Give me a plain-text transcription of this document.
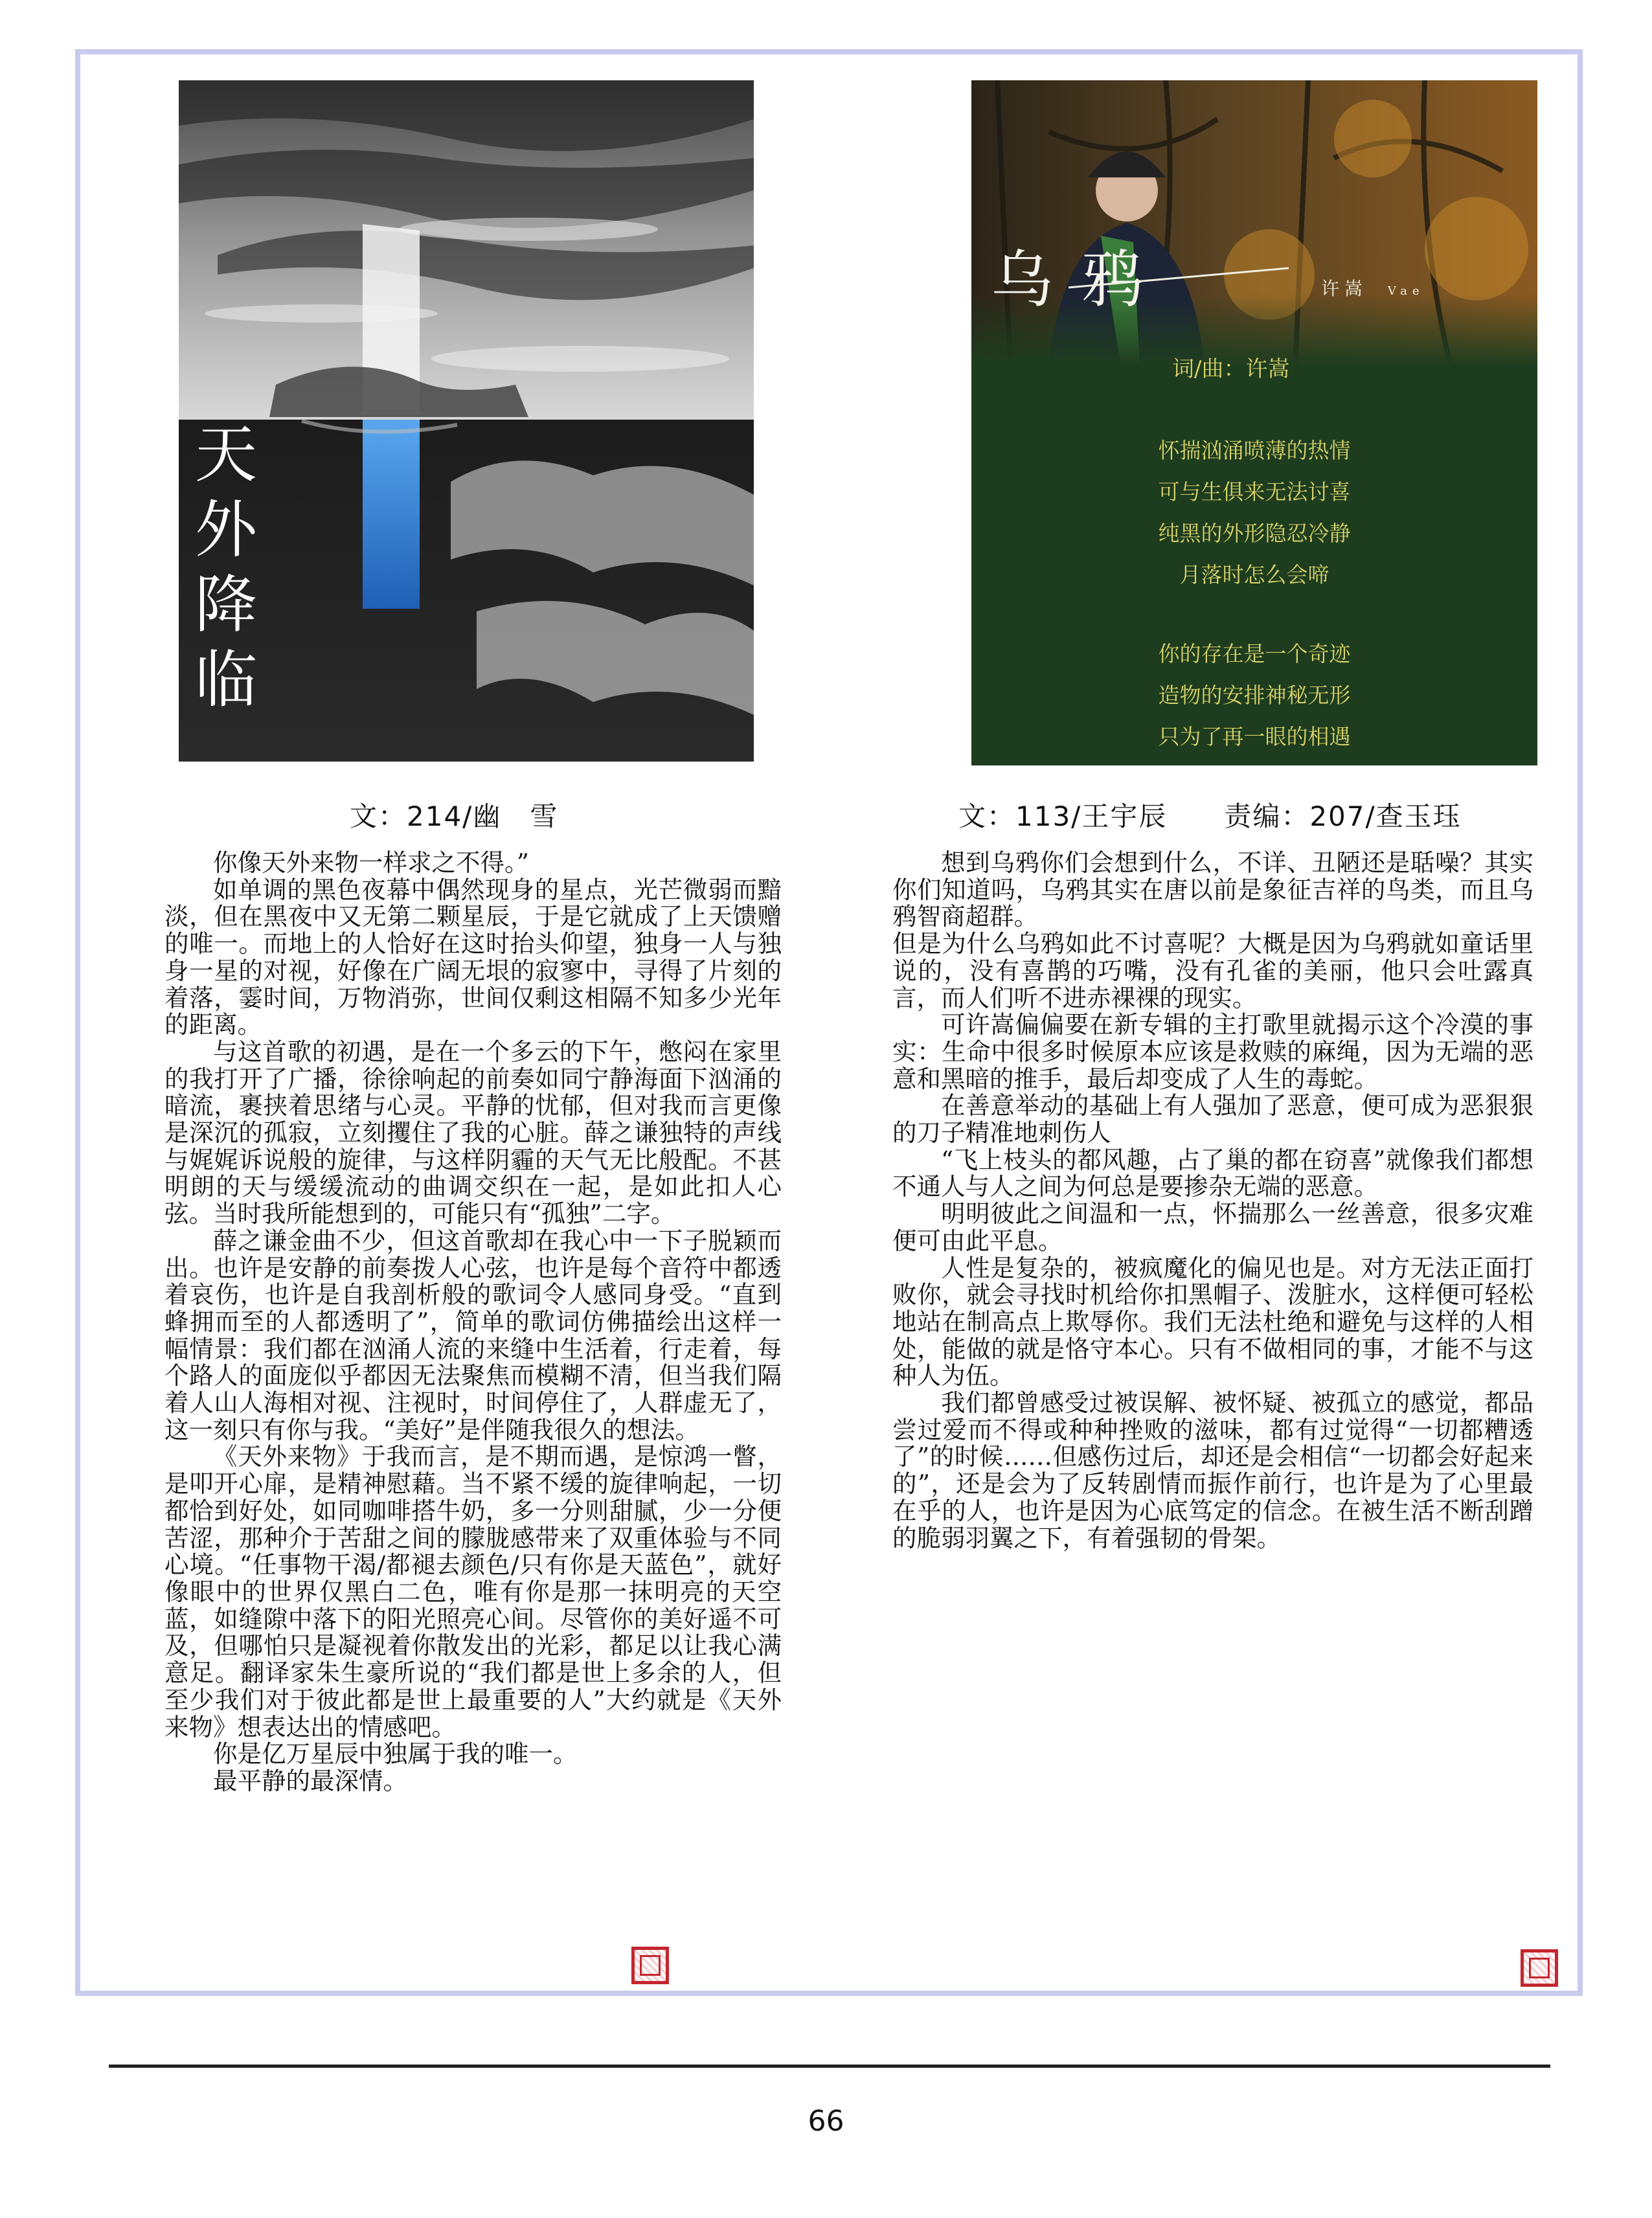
天
外
降
临
乌鸦	许嵩 Vae
词/曲：许嵩
怀揣汹涌喷薄的热情
可与生俱来无法讨喜
纯黑的外形隐忍冷静
月落时怎么会啼
你的存在是一个奇迹
造物的安排神秘无形
只为了再一眼的相遇
文：214/幽　雪	文：113/王宇辰　　责编：207/查玉珏

你像天外来物一样求之不得。”

如单调的黑色夜幕中偶然现身的星点，光芒微弱而黯淡，但在黑夜中又无第二颗星辰，于是它就成了上天馈赠的唯一。而地上的人恰好在这时抬头仰望，独身一人与独身一星的对视，好像在广阔无垠的寂寥中，寻得了片刻的着落，霎时间，万物消弥，世间仅剩这相隔不知多少光年的距离。

与这首歌的初遇，是在一个多云的下午，憋闷在家里的我打开了广播，徐徐响起的前奏如同宁静海面下汹涌的暗流，裹挟着思绪与心灵。平静的忧郁，但对我而言更像是深沉的孤寂，立刻攫住了我的心脏。薛之谦独特的声线与娓娓诉说般的旋律，与这样阴霾的天气无比般配。不甚明朗的天与缓缓流动的曲调交织在一起，是如此扣人心弦。当时我所能想到的，可能只有“孤独”二字。

薛之谦金曲不少，但这首歌却在我心中一下子脱颖而出。也许是安静的前奏拨人心弦，也许是每个音符中都透着哀伤，也许是自我剖析般的歌词令人感同身受。“直到蜂拥而至的人都透明了”，简单的歌词仿佛描绘出这样一幅情景：我们都在汹涌人流的来缝中生活着，行走着，每个路人的面庞似乎都因无法聚焦而模糊不清，但当我们隔着人山人海相对视、注视时，时间停住了，人群虚无了，这一刻只有你与我。“美好”是伴随我很久的想法。

《天外来物》于我而言，是不期而遇，是惊鸿一瞥，是叩开心扉，是精神慰藉。当不紧不缓的旋律响起，一切都恰到好处，如同咖啡搭牛奶，多一分则甜腻，少一分便苦涩，那种介于苦甜之间的朦胧感带来了双重体验与不同心境。“任事物干渴/都褪去颜色/只有你是天蓝色”，就好像眼中的世界仅黑白二色，唯有你是那一抹明亮的天空蓝，如缝隙中落下的阳光照亮心间。尽管你的美好遥不可及，但哪怕只是凝视着你散发出的光彩，都足以让我心满意足。翻译家朱生豪所说的“我们都是世上多余的人，但至少我们对于彼此都是世上最重要的人”大约就是《天外来物》想表达出的情感吧。

你是亿万星辰中独属于我的唯一。

最平静的最深情。

想到乌鸦你们会想到什么，不详、丑陋还是聒噪？其实你们知道吗，乌鸦其实在唐以前是象征吉祥的鸟类，而且乌鸦智商超群。

但是为什么乌鸦如此不讨喜呢？大概是因为乌鸦就如童话里说的，没有喜鹊的巧嘴，没有孔雀的美丽，他只会吐露真言，而人们听不进赤裸裸的现实。

可许嵩偏偏要在新专辑的主打歌里就揭示这个冷漠的事实：生命中很多时候原本应该是救赎的麻绳，因为无端的恶意和黑暗的推手，最后却变成了人生的毒蛇。

在善意举动的基础上有人强加了恶意，便可成为恶狠狠的刀子精准地刺伤人

“飞上枝头的都风趣，占了巢的都在窃喜”就像我们都想不通人与人之间为何总是要掺杂无端的恶意。

明明彼此之间温和一点，怀揣那么一丝善意，很多灾难便可由此平息。

人性是复杂的，被疯魔化的偏见也是。对方无法正面打败你，就会寻找时机给你扣黑帽子、泼脏水，这样便可轻松地站在制高点上欺辱你。我们无法杜绝和避免与这样的人相处，能做的就是恪守本心。只有不做相同的事，才能不与这种人为伍。

我们都曾感受过被误解、被怀疑、被孤立的感觉，都品尝过爱而不得或种种挫败的滋味，都有过觉得“一切都糟透了”的时候……但感伤过后，却还是会相信“一切都会好起来的”，还是会为了反转剧情而振作前行，也许是为了心里最在乎的人，也许是因为心底笃定的信念。在被生活不断刮蹭的脆弱羽翼之下，有着强韧的骨架。

66
